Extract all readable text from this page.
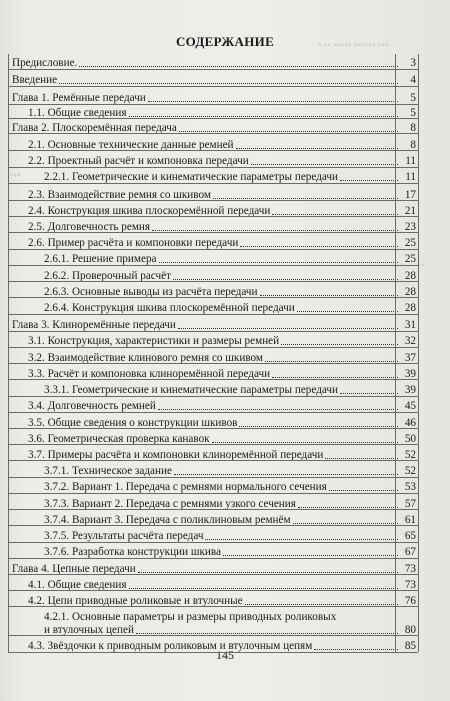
▪ ▪▪ ▪▪▪▪▪ ▪▪▪▪▪▪ ▪▪▪
▪▪▪
▪▪
СОДЕРЖАНИЕ
Предисловие.	3
Введение	4
Глава 1. Ремённые передачи	5
1.1. Общие сведения	5
Глава 2. Плоскоремённая передача	8
2.1. Основные технические данные ремней	8
2.2. Проектный расчёт и компоновка передачи	11
2.2.1. Геометрические и кинематические параметры передачи	11
2.3. Взаимодействие ремня со шкивом	17
2.4. Конструкция шкива плоскоремённой передачи	21
2.5. Долговечность ремня	23
2.6. Пример расчёта и компоновки передачи	25
2.6.1. Решение примера	25
2.6.2. Проверочный расчёт	28
2.6.3. Основные выводы из расчёта передачи	28
2.6.4. Конструкция шкива плоскоремённой передачи	28
Глава 3. Клиноремённые передачи	31
3.1. Конструкция, характеристики и размеры ремней	32
3.2. Взаимодействие клинового ремня со шкивом	37
3.3. Расчёт и компоновка клиноремённой передачи	39
3.3.1. Геометрические и кинематические параметры передачи	39
3.4. Долговечность ремней	45
3.5. Общие сведения о конструкции шкивов	46
3.6. Геометрическая проверка канавок	50
3.7. Примеры расчёта и компоновки клиноремённой передачи	52
3.7.1. Техническое задание	52
3.7.2. Вариант 1. Передача с ремнями нормального сечения	53
3.7.3. Вариант 2. Передача с ремнями узкого сечения	57
3.7.4. Вариант 3. Передача с поликлиновым ремнём	61
3.7.5. Результаты расчёта передач	65
3.7.6. Разработка конструкции шкива	67
Глава 4. Цепные передачи	73
4.1. Общие сведения	73
4.2. Цепи приводные роликовые и втулочные	76
4.2.1. Основные параметры и размеры приводных роликовых
и втулочных цепей	80
4.3. Звёздочки к приводным роликовым и втулочным цепям	85
145
